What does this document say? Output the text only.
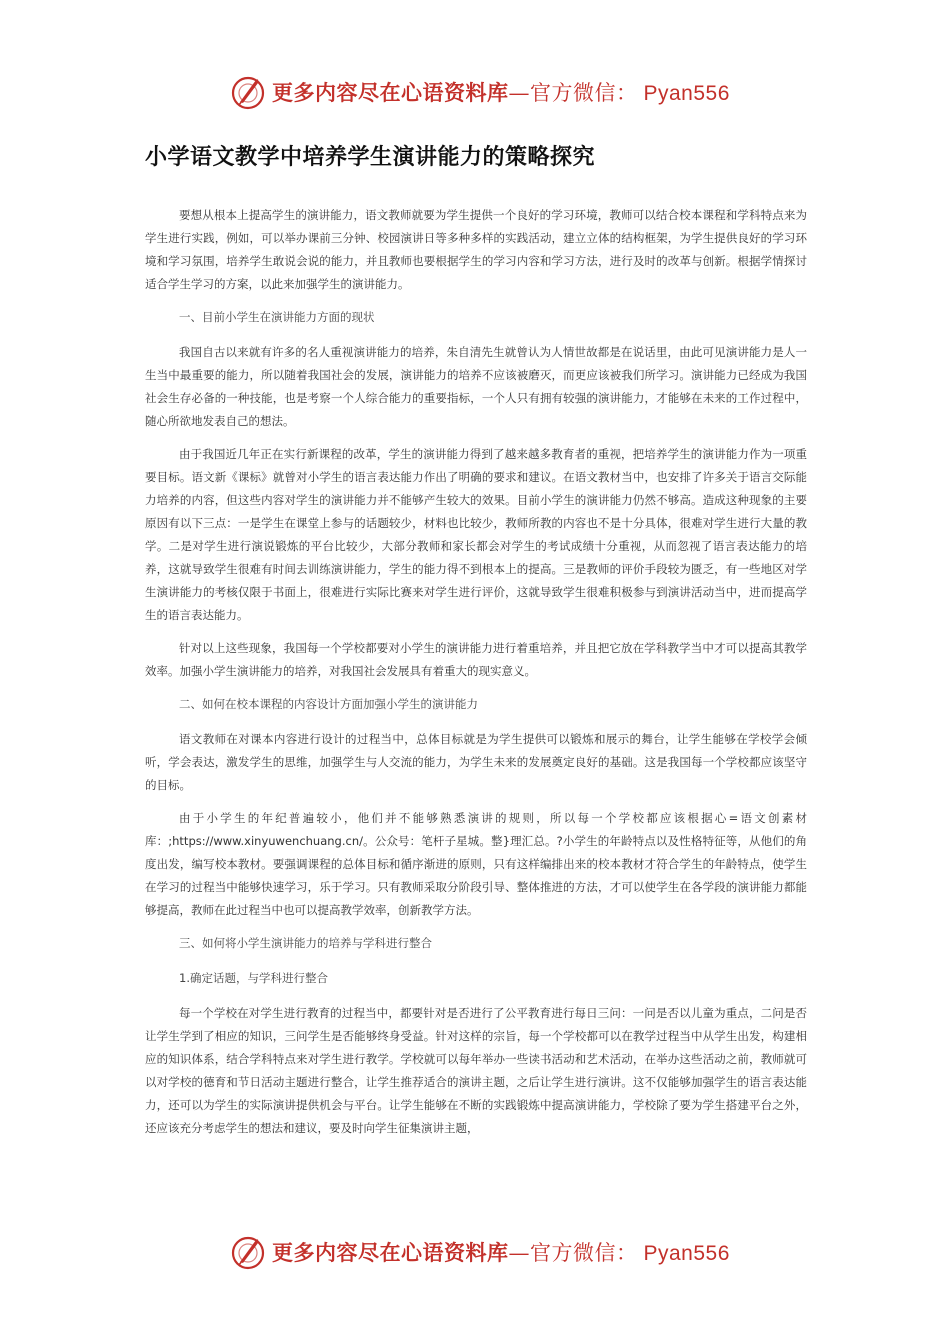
更多内容尽在心语资料库—官方微信： Pyan556
小学语文教学中培养学生演讲能力的策略探究

要想从根本上提高学生的演讲能力，语文教师就要为学生提供一个良好的学习环境，教师可以结合校本课程和学科特点来为学生进行实践，例如，可以举办课前三分钟、校园演讲日等多种多样的实践活动，建立立体的结构框架，为学生提供良好的学习环境和学习氛围，培养学生敢说会说的能力，并且教师也要根据学生的学习内容和学习方法，进行及时的改革与创新。根据学情探讨适合学生学习的方案，以此来加强学生的演讲能力。

一、目前小学生在演讲能力方面的现状

我国自古以来就有许多的名人重视演讲能力的培养，朱自清先生就曾认为人情世故都是在说话里，由此可见演讲能力是人一生当中最重要的能力，所以随着我国社会的发展，演讲能力的培养不应该被磨灭，而更应该被我们所学习。演讲能力已经成为我国社会生存必备的一种技能，也是考察一个人综合能力的重要指标，一个人只有拥有较强的演讲能力，才能够在未来的工作过程中，随心所欲地发表自己的想法。

由于我国近几年正在实行新课程的改革，学生的演讲能力得到了越来越多教育者的重视，把培养学生的演讲能力作为一项重要目标。语文新《课标》就曾对小学生的语言表达能力作出了明确的要求和建议。在语文教材当中，也安排了许多关于语言交际能力培养的内容，但这些内容对学生的演讲能力并不能够产生较大的效果。目前小学生的演讲能力仍然不够高。造成这种现象的主要原因有以下三点：一是学生在课堂上参与的话题较少，材料也比较少，教师所教的内容也不是十分具体，很难对学生进行大量的教学。二是对学生进行演说锻炼的平台比较少，大部分教师和家长都会对学生的考试成绩十分重视，从而忽视了语言表达能力的培养，这就导致学生很难有时间去训练演讲能力，学生的能力得不到根本上的提高。三是教师的评价手段较为匮乏，有一些地区对学生演讲能力的考核仅限于书面上，很难进行实际比赛来对学生进行评价，这就导致学生很难积极参与到演讲活动当中，进而提高学生的语言表达能力。

针对以上这些现象，我国每一个学校都要对小学生的演讲能力进行着重培养，并且把它放在学科教学当中才可以提高其教学效率。加强小学生演讲能力的培养，对我国社会发展具有着重大的现实意义。

二、如何在校本课程的内容设计方面加强小学生的演讲能力

语文教师在对课本内容进行设计的过程当中，总体目标就是为学生提供可以锻炼和展示的舞台，让学生能够在学校学会倾听，学会表达，激发学生的思维，加强学生与人交流的能力，为学生未来的发展奠定良好的基础。这是我国每一个学校都应该坚守的目标。

由于小学生的年纪普遍较小，他们并不能够熟悉演讲的规则，所以每一个学校都应该根据心=语文创素材库：;https://www.xinyuwenchuang.cn/。公众号：笔杆子星城。整}理汇总。?小学生的年龄特点以及性格特征等，从他们的角度出发，编写校本教材。要强调课程的总体目标和循序渐进的原则，只有这样编排出来的校本教材才符合学生的年龄特点，使学生在学习的过程当中能够快速学习，乐于学习。只有教师采取分阶段引导、整体推进的方法，才可以使学生在各学段的演讲能力都能够提高，教师在此过程当中也可以提高教学效率，创新教学方法。

三、如何将小学生演讲能力的培养与学科进行整合

1.确定话题，与学科进行整合

每一个学校在对学生进行教育的过程当中，都要针对是否进行了公平教育进行每日三问：一问是否以儿童为重点，二问是否让学生学到了相应的知识，三问学生是否能够终身受益。针对这样的宗旨，每一个学校都可以在教学过程当中从学生出发，构建相应的知识体系，结合学科特点来对学生进行教学。学校就可以每年举办一些读书活动和艺术活动，在举办这些活动之前，教师就可以对学校的德育和节日活动主题进行整合，让学生推荐适合的演讲主题，之后让学生进行演讲。这不仅能够加强学生的语言表达能力，还可以为学生的实际演讲提供机会与平台。让学生能够在不断的实践锻炼中提高演讲能力，学校除了要为学生搭建平台之外，还应该充分考虑学生的想法和建议，要及时向学生征集演讲主题，

更多内容尽在心语资料库—官方微信： Pyan556
